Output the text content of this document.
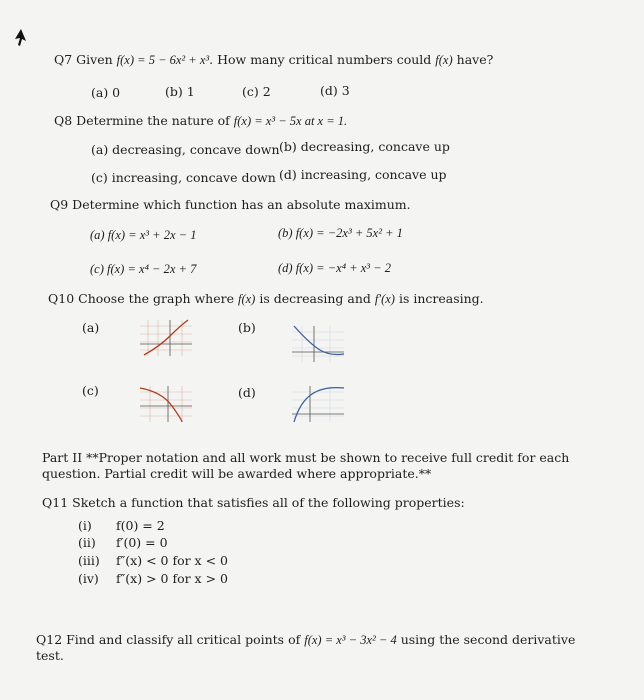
Q7 Given f(x) = 5 − 6x² + x³. How many critical numbers could f(x) have?
(a) 0	(b) 1	(c) 2	(d) 3
Q8 Determine the nature of f(x) = x³ − 5x at x = 1.
(a) decreasing, concave down (b) decreasing, concave up
(c) increasing, concave down (d) increasing, concave up
Q9 Determine which function has an absolute maximum.
(a) f(x) = x³ + 2x − 1	(b) f(x) = −2x³ + 5x² + 1
(c) f(x) = x⁴ − 2x + 7	(d) f(x) = −x⁴ + x³ − 2
Q10 Choose the graph where f(x) is decreasing and f′(x) is increasing.
(a)	(b)
(c)	(d)
Part II **Proper notation and all work must be shown to receive full credit for each
question. Partial credit will be awarded where appropriate.**
Q11 Sketch a function that satisfies all of the following properties:
(i) f(0) = 2
(ii) f′(0) = 0
(iii) f″(x) < 0 for x < 0
(iv) f″(x) > 0 for x > 0
Q12 Find and classify all critical points of f(x) = x³ − 3x² − 4 using the second derivative
test.
